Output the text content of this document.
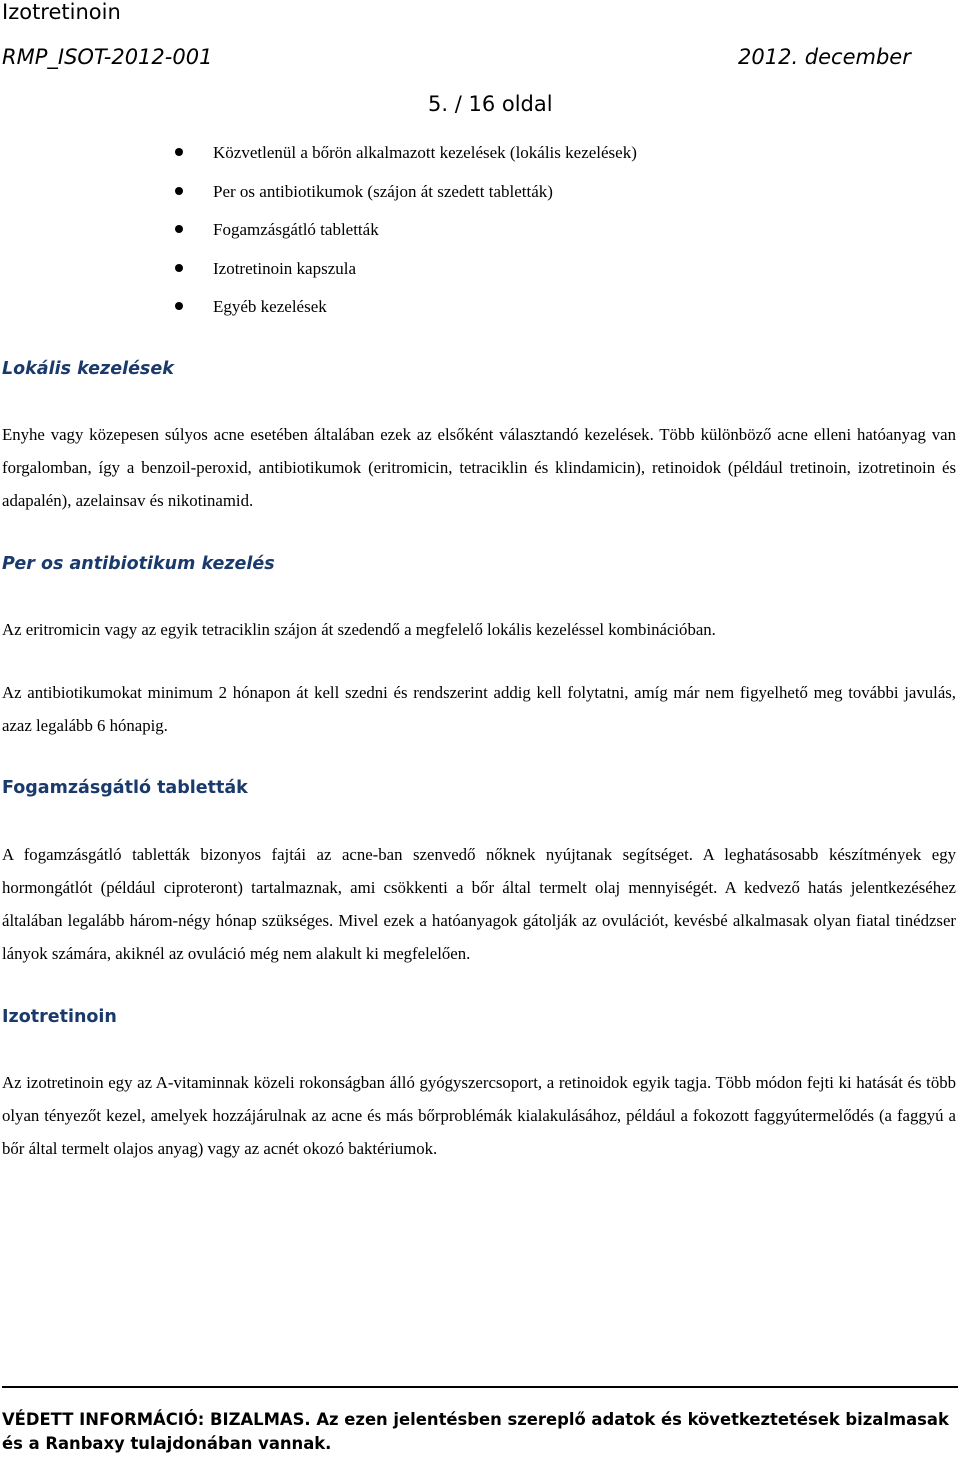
Izotretinoin
RMP_ISOT-2012-001	2012. december
5. / 16 oldal
Közvetlenül a bőrön alkalmazott kezelések (lokális kezelések)
Per os antibiotikumok (szájon át szedett tabletták)
Fogamzásgátló tabletták
Izotretinoin kapszula
Egyéb kezelések
Lokális kezelések

Enyhe vagy közepesen súlyos acne esetében általában ezek az elsőként választandó kezelések. Több különböző acne elleni hatóanyag van forgalomban, így a benzoil-peroxid, antibiotikumok (eritromicin, tetraciklin és klindamicin), retinoidok (például tretinoin, izotretinoin és adapalén), azelainsav és nikotinamid.

Per os antibiotikum kezelés

Az eritromicin vagy az egyik tetraciklin szájon át szedendő a megfelelő lokális kezeléssel kombinációban.

Az antibiotikumokat minimum 2 hónapon át kell szedni és rendszerint addig kell folytatni, amíg már nem figyelhető meg további javulás, azaz legalább 6 hónapig.

Fogamzásgátló tabletták

A fogamzásgátló tabletták bizonyos fajtái az acne-ban szenvedő nőknek nyújtanak segítséget. A leghatásosabb készítmények egy hormongátlót (például ciproteront) tartalmaznak, ami csökkenti a bőr által termelt olaj mennyiségét. A kedvező hatás jelentkezéséhez általában legalább három-négy hónap szükséges. Mivel ezek a hatóanyagok gátolják az ovulációt, kevésbé alkalmasak olyan fiatal tinédzser lányok számára, akiknél az ovuláció még nem alakult ki megfelelően.

Izotretinoin

Az izotretinoin egy az A-vitaminnak közeli rokonságban álló gyógyszercsoport, a retinoidok egyik tagja. Több módon fejti ki hatását és több olyan tényezőt kezel, amelyek hozzájárulnak az acne és más bőrproblémák kialakulásához, például a fokozott faggyútermelődés (a faggyú a bőr által termelt olajos anyag) vagy az acnét okozó baktériumok.

VÉDETT INFORMÁCIÓ: BIZALMAS. Az ezen jelentésben szereplő adatok és következtetések bizalmasak és a Ranbaxy tulajdonában vannak.
